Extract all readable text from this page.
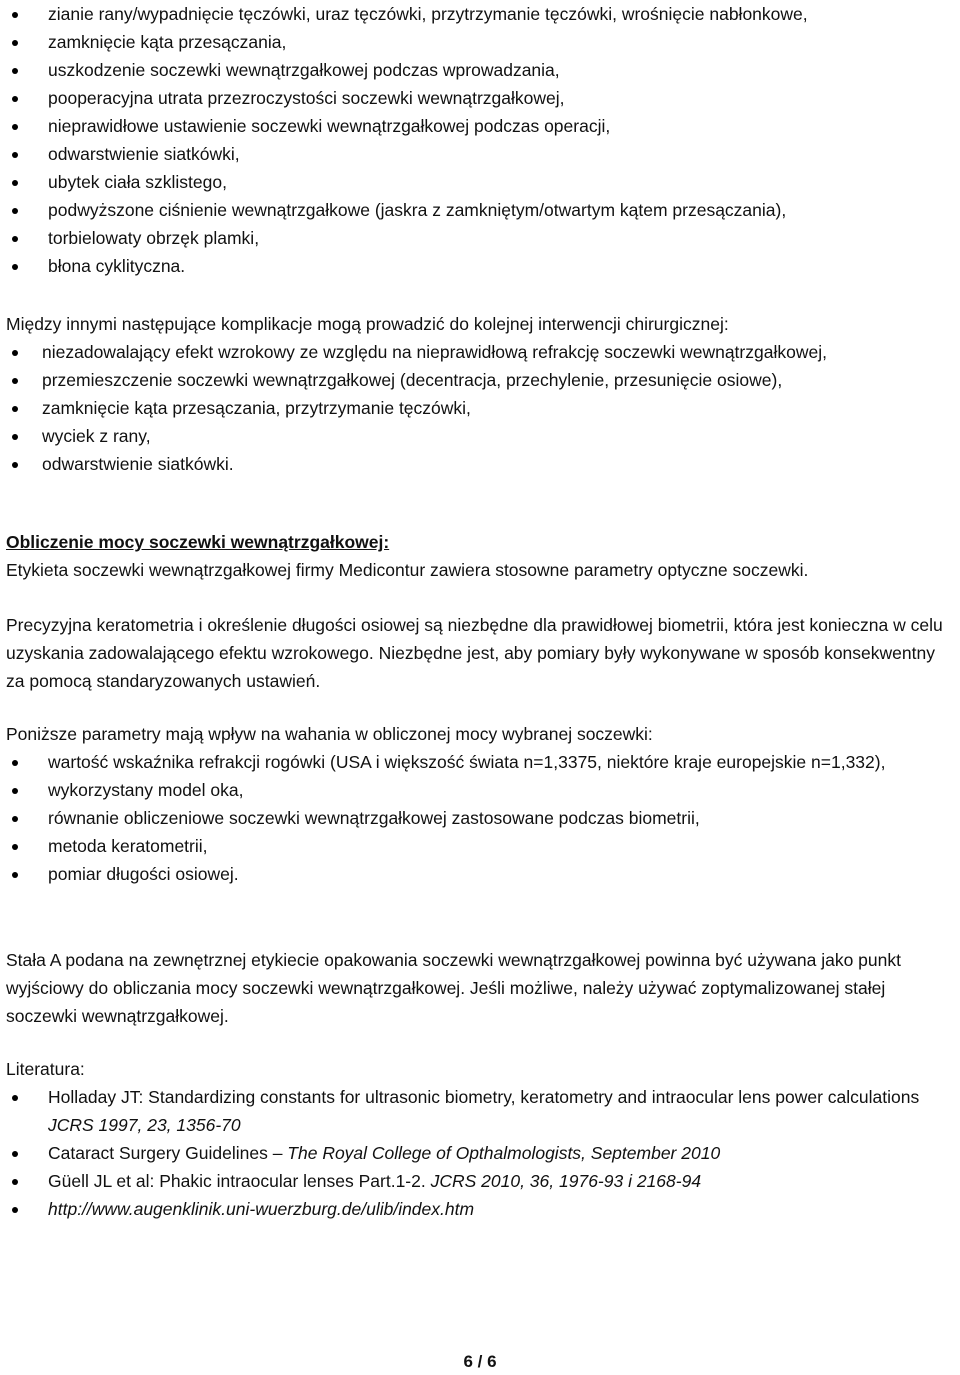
zianie rany/wypadnięcie tęczówki, uraz tęczówki, przytrzymanie tęczówki, wrośnięcie nabłonkowe,
zamknięcie kąta przesączania,
uszkodzenie soczewki wewnątrzgałkowej podczas wprowadzania,
pooperacyjna utrata przezroczystości soczewki wewnątrzgałkowej,
nieprawidłowe ustawienie soczewki wewnątrzgałkowej podczas operacji,
odwarstwienie siatkówki,
ubytek ciała szklistego,
podwyższone ciśnienie wewnątrzgałkowe (jaskra z zamkniętym/otwartym kątem przesączania),
torbielowaty obrzęk plamki,
błona cyklityczna.

Między innymi następujące komplikacje mogą prowadzić do kolejnej interwencji chirurgicznej:

niezadowalający efekt wzrokowy ze względu na nieprawidłową refrakcję soczewki wewnątrzgałkowej,
przemieszczenie soczewki wewnątrzgałkowej (decentracja, przechylenie, przesunięcie osiowe),
zamknięcie kąta przesączania, przytrzymanie tęczówki,
wyciek z rany,
odwarstwienie siatkówki.

Obliczenie mocy soczewki wewnątrzgałkowej:

Etykieta soczewki wewnątrzgałkowej firmy Medicontur zawiera stosowne parametry optyczne soczewki.

Precyzyjna keratometria i określenie długości osiowej są niezbędne dla prawidłowej biometrii, która jest konieczna w celu uzyskania zadowalającego efektu wzrokowego. Niezbędne jest, aby pomiary były wykonywane w sposób konsekwentny za pomocą standaryzowanych ustawień.

Poniższe parametry mają wpływ na wahania w obliczonej mocy wybranej soczewki:

wartość wskaźnika refrakcji rogówki (USA i większość świata n=1,3375, niektóre kraje europejskie n=1,332),
wykorzystany model oka,
równanie obliczeniowe soczewki wewnątrzgałkowej zastosowane podczas biometrii,
metoda keratometrii,
pomiar długości osiowej.

Stała A podana na zewnętrznej etykiecie opakowania soczewki wewnątrzgałkowej powinna być używana jako punkt wyjściowy do obliczania mocy soczewki wewnątrzgałkowej. Jeśli możliwe, należy używać zoptymalizowanej stałej soczewki wewnątrzgałkowej.

Literatura:

Holladay JT: Standardizing constants for ultrasonic biometry, keratometry and intraocular lens power calculations JCRS 1997, 23, 1356-70
Cataract Surgery Guidelines – The Royal College of Opthalmologists, September 2010
Güell JL et al: Phakic intraocular lenses Part.1-2. JCRS 2010, 36, 1976-93 i 2168-94
http://www.augenklinik.uni-wuerzburg.de/ulib/index.htm
6 / 6
